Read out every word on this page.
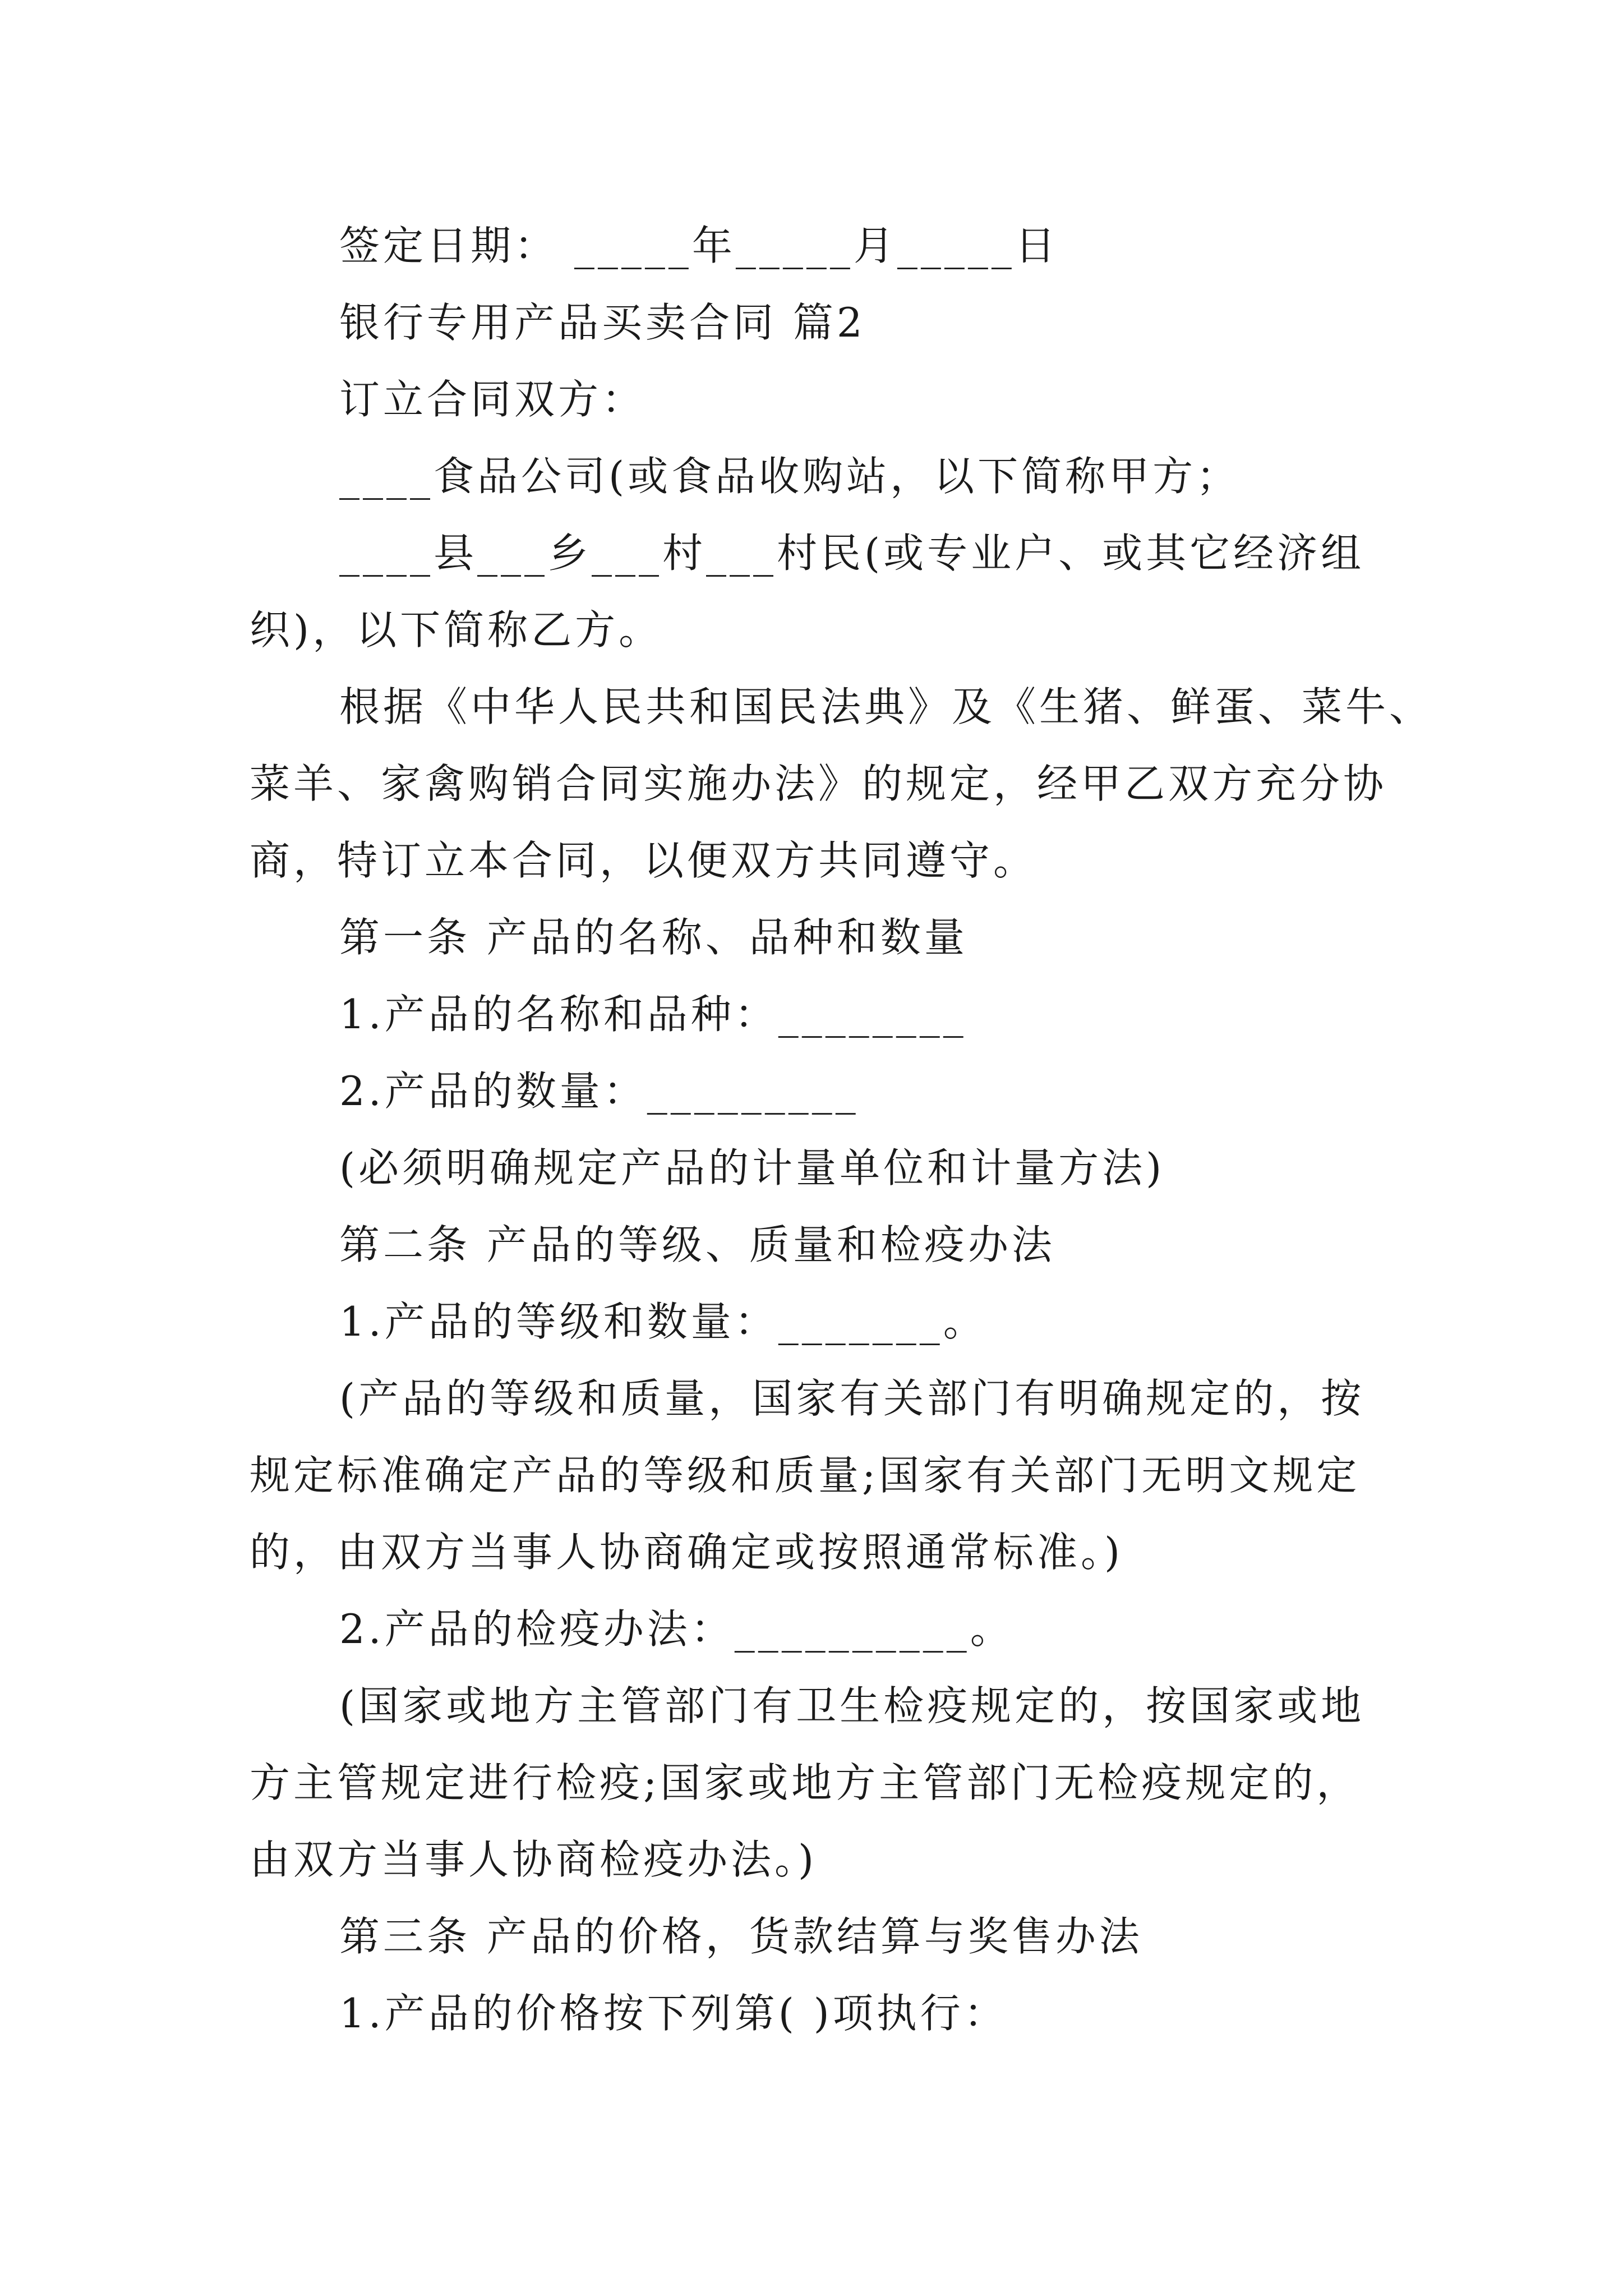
签定日期： _____年_____月_____日
银行专用产品买卖合同 篇2
订立合同双方：
____食品公司(或食品收购站，以下简称甲方；
____县___乡___村___村民(或专业户、或其它经济组
织)，以下简称乙方。
根据《中华人民共和国民法典》及《生猪、鲜蛋、菜牛、
菜羊、家禽购销合同实施办法》的规定，经甲乙双方充分协
商，特订立本合同，以便双方共同遵守。
第一条 产品的名称、品种和数量
1.产品的名称和品种：________
2.产品的数量：_________
(必须明确规定产品的计量单位和计量方法)
第二条 产品的等级、质量和检疫办法
1.产品的等级和数量：_______。
(产品的等级和质量，国家有关部门有明确规定的，按
规定标准确定产品的等级和质量;国家有关部门无明文规定
的，由双方当事人协商确定或按照通常标准。)
2.产品的检疫办法：__________。
(国家或地方主管部门有卫生检疫规定的，按国家或地
方主管规定进行检疫;国家或地方主管部门无检疫规定的，
由双方当事人协商检疫办法。)
第三条 产品的价格，货款结算与奖售办法
1.产品的价格按下列第( )项执行：
